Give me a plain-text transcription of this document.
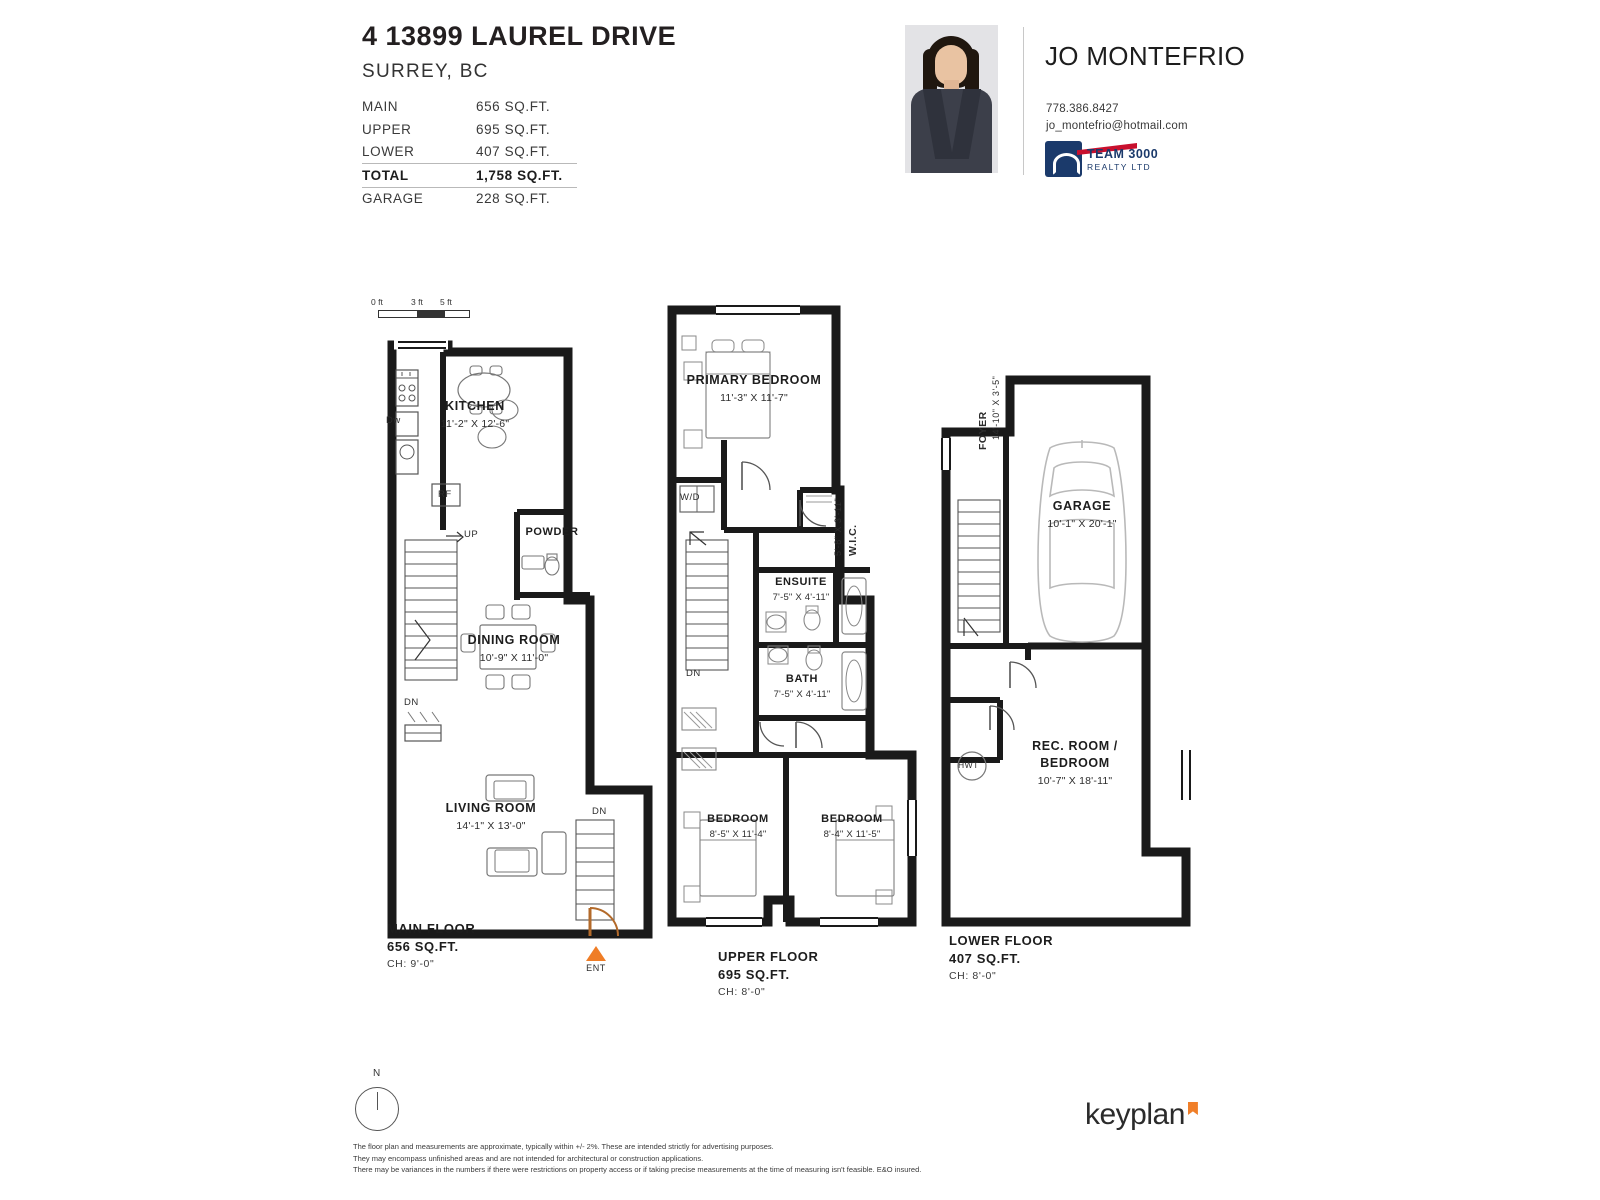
4 13899 LAUREL DRIVE
SURREY, BC
MAIN	656 SQ.FT.
UPPER	695 SQ.FT.
LOWER	407 SQ.FT.
TOTAL	1,758 SQ.FT.
GARAGE	228 SQ.FT.
JO MONTEFRIO
778.386.8427
jo_montefrio@hotmail.com
TEAM 3000
REALTY LTD
0 ft	3 ft 5 ft
KITCHEN
11'-2" X 12'-6"
DINING ROOM
10'-9" X 11'-0"
LIVING ROOM
14'-1" X 13'-0"
POWDER
Dw
RF
UP
DN
DN
ENT
MAIN FLOOR
656 SQ.FT.
CH: 9'-0"
PRIMARY BEDROOM
11'-3" X 11'-7"
ENSUITE
7'-5" X 4'-11"
BATH
7'-5" X 4'-11"
BEDROOM
8'-5" X 11'-4"
BEDROOM
8'-4" X 11'-5"
W.I.C.
5'-8" X 3'-11"
W/D
DN
UPPER FLOOR
695 SQ.FT.
CH: 8'-0"
GARAGE
10'-1" X 20'-1"
FOYER 14'-10" X 3'-5"
REC. ROOM /
BEDROOM
10'-7" X 18'-11"
HWT
LOWER FLOOR
407 SQ.FT.
CH: 8'-0"
N
The floor plan and measurements are approximate, typically within +/- 2%. These are intended strictly for advertising purposes.
They may encompass unfinished areas and are not intended for architectural or construction applications.
There may be variances in the numbers if there were restrictions on property access or if taking precise measurements at the time of measuring isn't feasible. E&O insured.
keyplan
